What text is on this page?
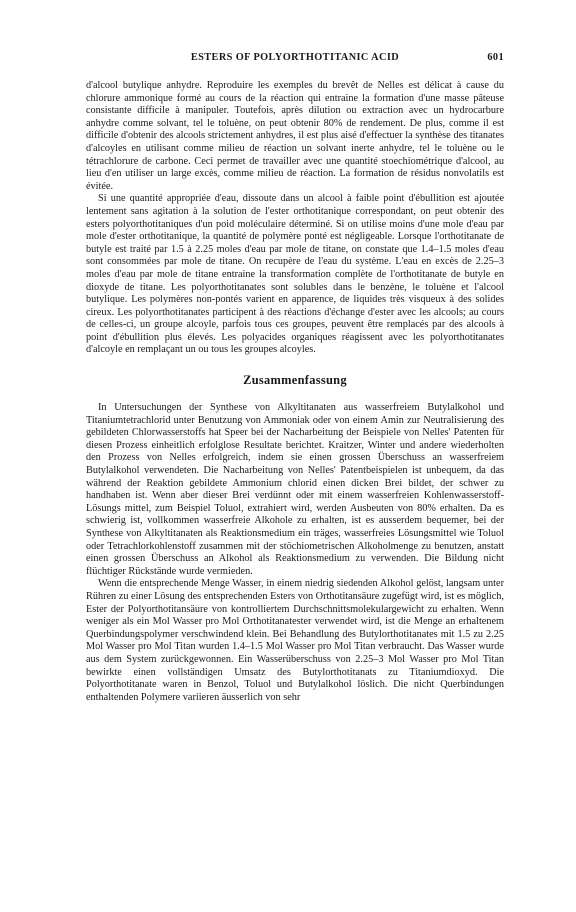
ESTERS OF POLYORTHOTITANIC ACID	601

d'alcool butylique anhydre. Reproduire les exemples du brevêt de Nelles est délicat à cause du chlorure ammonique formé au cours de la réaction qui entraine la formation d'une masse pâteuse consistante difficile à manipuler. Toutefois, après dilution ou extraction avec un hydrocarbure anhydre comme solvant, tel le toluène, on peut obtenir 80% de rendement. De plus, comme il est difficile d'obtenir des alcools strictement anhydres, il est plus aisé d'effectuer la synthèse des titanates d'alcoyles en utilisant comme milieu de réaction un solvant inerte anhydre, tel le toluène ou le tétrachlorure de carbone. Ceci permet de travailler avec une quantité stoechiométrique d'alcool, au lieu d'en utiliser un large excès, comme milieu de réaction. La formation de résidus nonvolatils est évitée.

Si une quantité appropriée d'eau, dissoute dans un alcool à faible point d'ébullition est ajoutée lentement sans agitation à la solution de l'ester orthotitanique correspondant, on peut obtenir des esters polyorthotitaniques d'un poid moléculaire déterminé. Si on utilise moins d'une mole d'eau par mole d'ester orthotitanique, la quantité de polymère ponté est négligeable. Lorsque l'orthotitanate de butyle est traité par 1.5 à 2.25 moles d'eau par mole de titane, on constate que 1.4–1.5 moles d'eau sont consommées par mole de titane. On recupère de l'eau du système. L'eau en excès de 2.25–3 moles d'eau par mole de titane entraine la transformation complète de l'orthotitanate de butyle en dioxyde de titane. Les polyorthotitanates sont solubles dans le benzène, le toluène et l'alcool butylique. Les polymères non-pontés varient en apparence, de liquides très visqueux à des solides cireux. Les polyorthotitanates participent à des réactions d'échange d'ester avec les alcools; au cours de celles-ci, un groupe alcoyle, parfois tous ces groupes, peuvent être remplacés par des alcools à point d'ébullition plus élevés. Les polyacides organiques réagissent avec les polyorthotitanates d'alcoyle en remplaçant un ou tous les groupes alcoyles.

Zusammenfassung

In Untersuchungen der Synthese von Alkyltitanaten aus wasserfreiem Butylalkohol und Titaniumtetrachlorid unter Benutzung von Ammoniak oder von einem Amin zur Neutralisierung des gebildeten Chlorwasserstoffs hat Speer bei der Nacharbeitung der Beispiele von Nelles' Patenten für diesen Prozess einheitlich erfolglose Resultate berichtet. Kraitzer, Winter und andere wiederholten den Prozess von Nelles erfolgreich, indem sie einen grossen Überschuss an wasserfreiem Butylalkohol verwendeten. Die Nacharbeitung von Nelles' Patentbeispielen ist unbequem, da das während der Reaktion gebildete Ammonium chlorid einen dicken Brei bildet, der schwer zu handhaben ist. Wenn aber dieser Brei verdünnt oder mit einem wasserfreien Kohlenwasserstoff-Lösungs mittel, zum Beispiel Toluol, extrahiert wird, werden Ausbeuten von 80% erhalten. Da es schwierig ist, vollkommen wasserfreie Alkohole zu erhalten, ist es ausserdem bequemer, bei der Synthese von Alkyltitanaten als Reaktionsmedium ein träges, wasserfreies Lösungsmittel wie Toluol oder Tetrachlorkohlenstoff zusammen mit der stöchiometrischen Alkoholmenge zu benutzen, anstatt einen grossen Überschuss an Alkohol als Reaktionsmedium zu verwenden. Die Bildung nicht flüchtiger Rückstände wurde vermieden.

Wenn die entsprechende Menge Wasser, in einem niedrig siedenden Alkohol gelöst, langsam unter Rühren zu einer Lösung des entsprechenden Esters von Orthotitansäure zugefügt wird, ist es möglich, Ester der Polyorthotitansäure von kontrolliertem Durchschnittsmolekulargewicht zu erhalten. Wenn weniger als ein Mol Wasser pro Mol Orthotitanatester verwendet wird, ist die Menge an erhaltenem Querbindungspolymer verschwindend klein. Bei Behandlung des Butylorthotitanates mit 1.5 zu 2.25 Mol Wasser pro Mol Titan wurden 1.4–1.5 Mol Wasser pro Mol Titan verbraucht. Das Wasser wurde aus dem System zurückgewonnen. Ein Wasserüberschuss von 2.25–3 Mol Wasser pro Mol Titan bewirkte einen vollständigen Umsatz des Butylorthotitanats zu Titaniumdioxyd. Die Polyorthotitanate waren in Benzol, Toluol und Butylalkohol löslich. Die nicht Querbindungen enthaltenden Polymere variieren äusserlich von sehr
